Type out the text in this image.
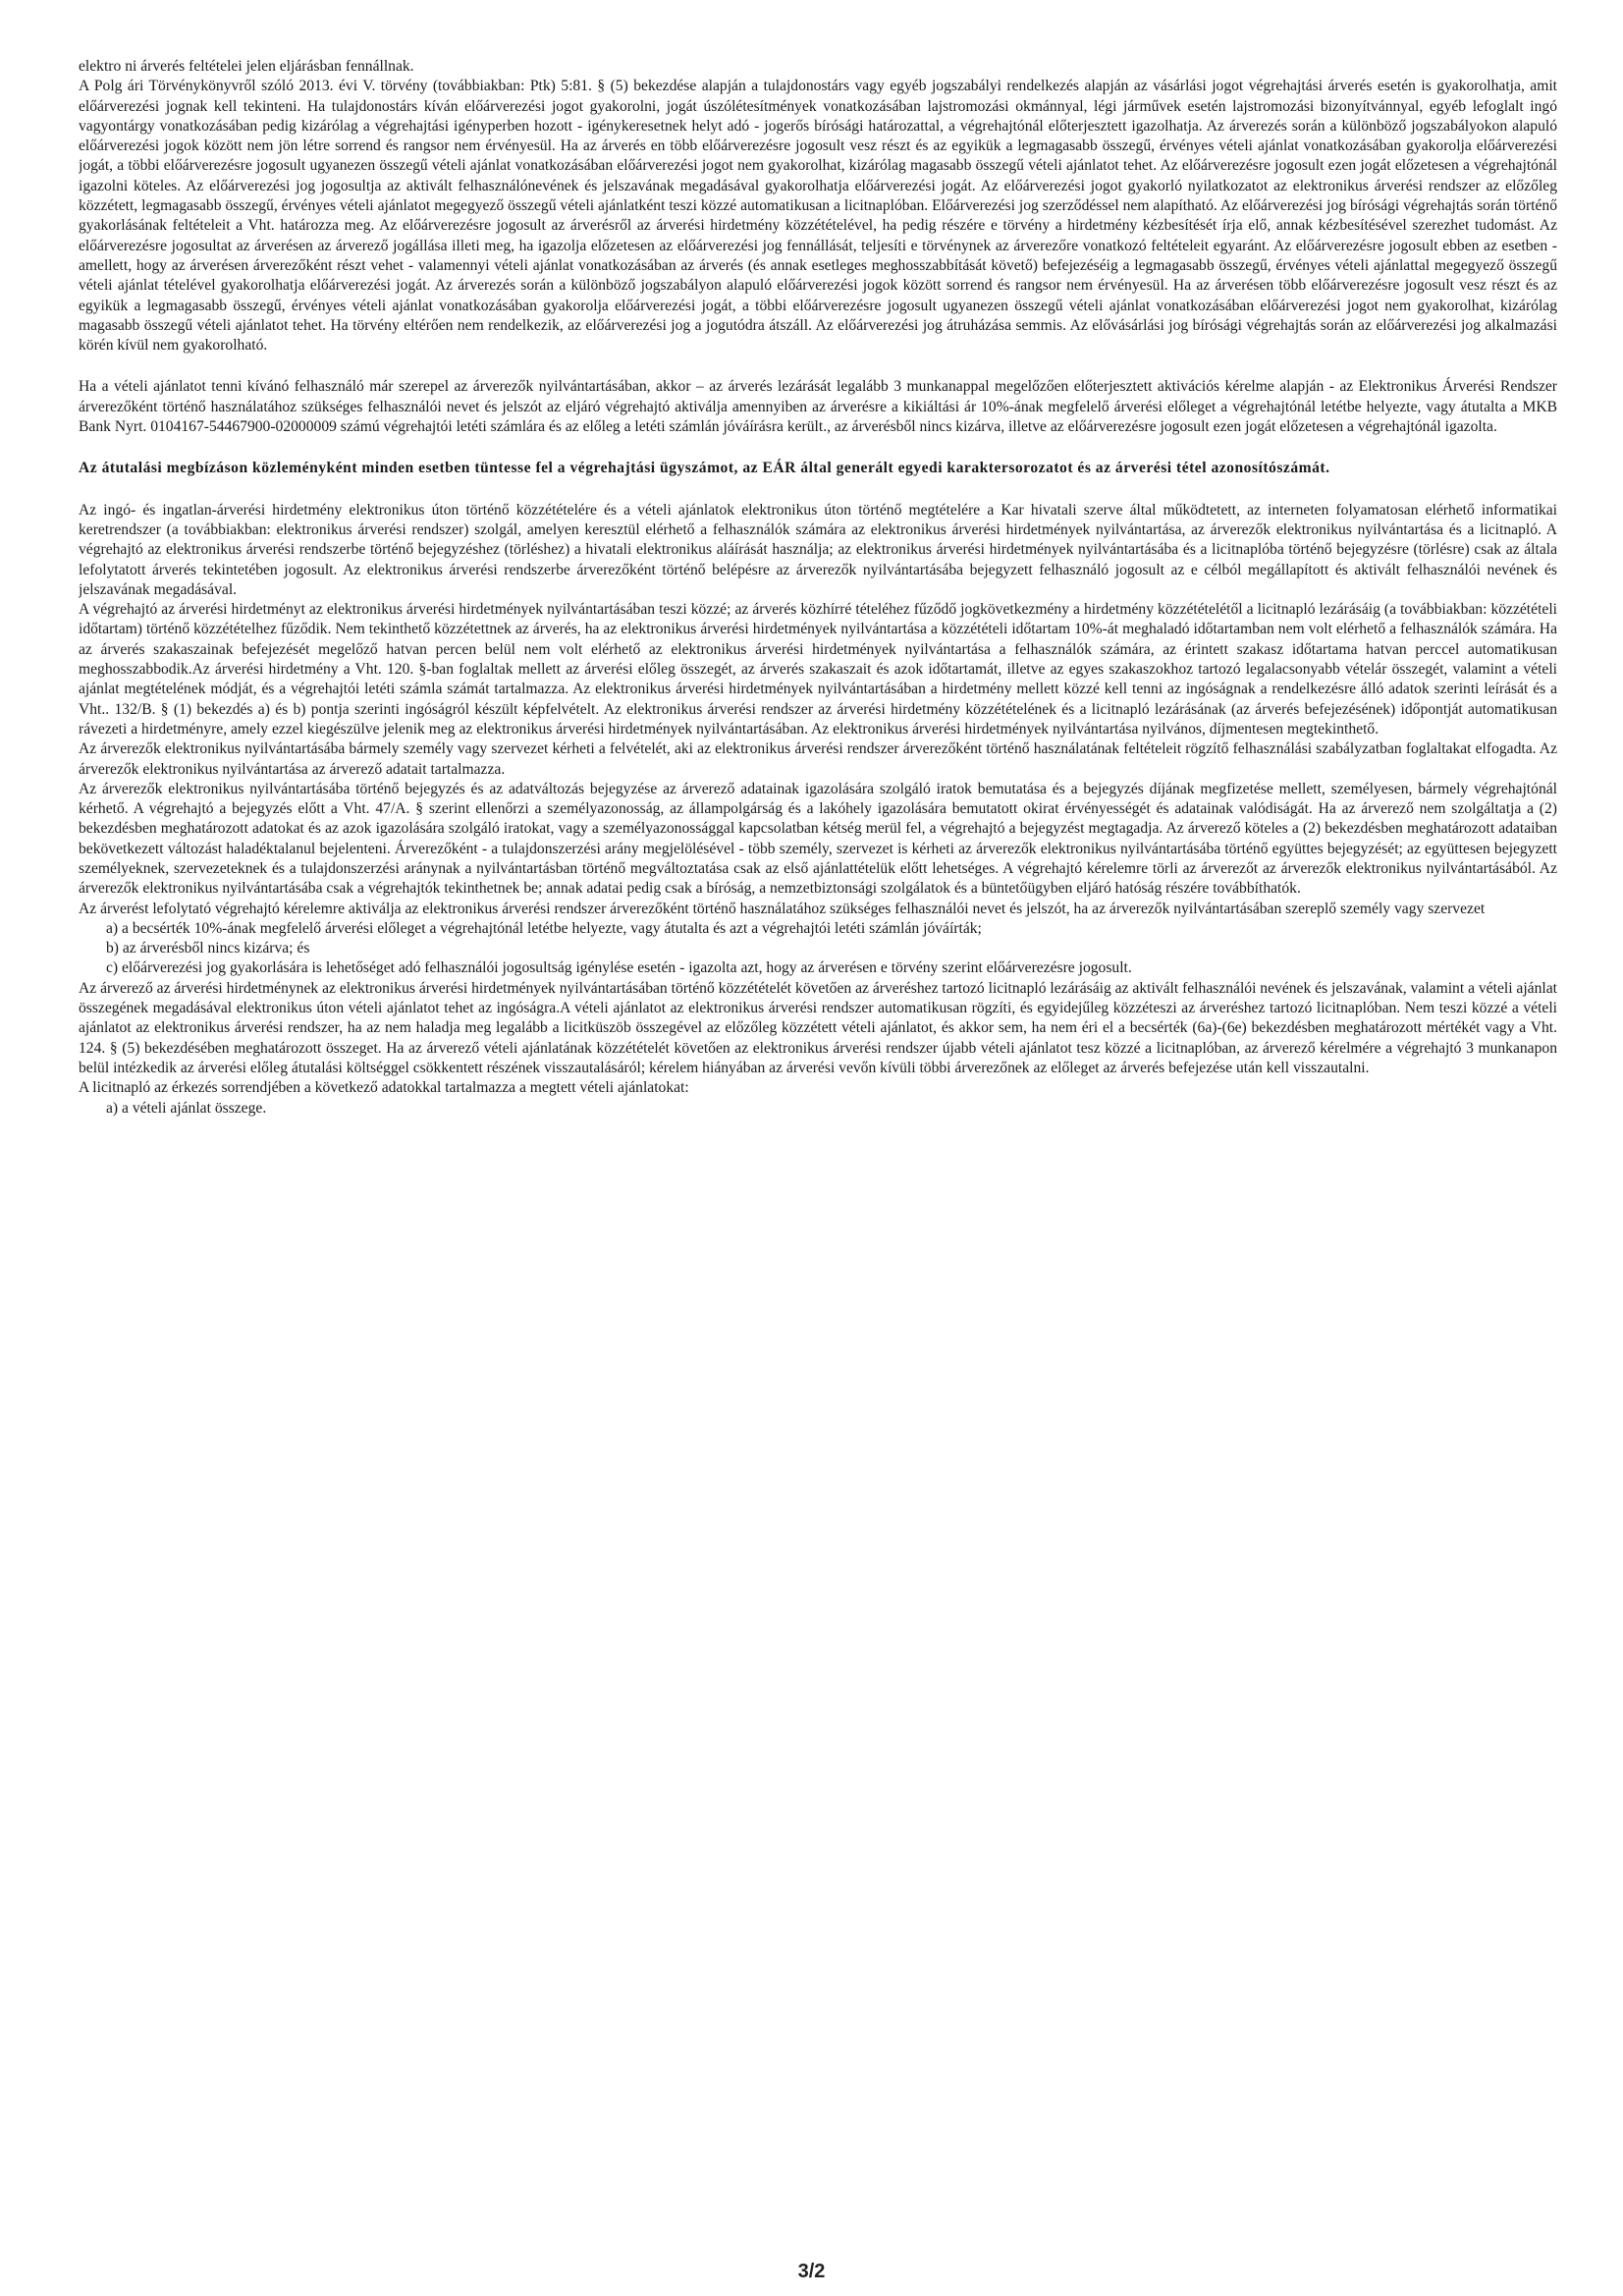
elektro ni árverés feltételei jelen eljárásban fennállnak.

A Polg ári Törvénykönyvről szóló 2013. évi V. törvény (továbbiakban: Ptk) 5:81. § (5) bekezdése alapján a tulajdonostárs vagy egyéb jogszabályi rendelkezés alapján az vásárlási jogot végrehajtási árverés esetén is gyakorolhatja, amit előárverezési jognak kell tekinteni. Ha tulajdonostárs kíván előárverezési jogot gyakorolni, jogát úszólétesítmények vonatkozásában lajstromozási okmánnyal, légi járművek esetén lajstromozási bizonyítvánnyal, egyéb lefoglalt ingó vagyontárgy vonatkozásában pedig kizárólag a végrehajtási igényperben hozott - igénykeresetnek helyt adó - jogerős bírósági határozattal, a végrehajtónál előterjesztett igazolhatja. Az árverezés során a különböző jogszabályokon alapuló előárverezési jogok között nem jön létre sorrend és rangsor nem érvényesül. Ha az árverés en több előárverezésre jogosult vesz részt és az egyikük a legmagasabb összegű, érvényes vételi ajánlat vonatkozásában gyakorolja előárverezési jogát, a többi előárverezésre jogosult ugyanezen összegű vételi ajánlat vonatkozásában előárverezési jogot nem gyakorolhat, kizárólag magasabb összegű vételi ajánlatot tehet. Az előárverezésre jogosult ezen jogát előzetesen a végrehajtónál igazolni köteles. Az előárverezési jog jogosultja az aktivált felhasználónevének és jelszavának megadásával gyakorolhatja előárverezési jogát. Az előárverezési jogot gyakorló nyilatkozatot az elektronikus árverési rendszer az előzőleg közzétett, legmagasabb összegű, érvényes vételi ajánlatot megegyező összegű vételi ajánlatként teszi közzé automatikusan a licitnaplóban. Előárverezési jog szerződéssel nem alapítható. Az előárverezési jog bírósági végrehajtás során történő gyakorlásának feltételeit a Vht. határozza meg. Az előárverezésre jogosult az árverésről az árverési hirdetmény közzétételével, ha pedig részére e törvény a hirdetmény kézbesítését írja elő, annak kézbesítésével szerezhet tudomást. Az előárverezésre jogosultat az árverésen az árverező jogállása illeti meg, ha igazolja előzetesen az előárverezési jog fennállását, teljesíti e törvénynek az árverezőre vonatkozó feltételeit egyaránt. Az előárverezésre jogosult ebben az esetben - amellett, hogy az árverésen árverezőként részt vehet - valamennyi vételi ajánlat vonatkozásában az árverés (és annak esetleges meghosszabbítását követő) befejezéséig a legmagasabb összegű, érvényes vételi ajánlattal megegyező összegű vételi ajánlat tételével gyakorolhatja előárverezési jogát. Az árverezés során a különböző jogszabályon alapuló előárverezési jogok között sorrend és rangsor nem érvényesül. Ha az árverésen több előárverezésre jogosult vesz részt és az egyikük a legmagasabb összegű, érvényes vételi ajánlat vonatkozásában gyakorolja előárverezési jogát, a többi előárverezésre jogosult ugyanezen összegű vételi ajánlat vonatkozásában előárverezési jogot nem gyakorolhat, kizárólag magasabb összegű vételi ajánlatot tehet. Ha törvény eltérően nem rendelkezik, az előárverezési jog a jogutódra átszáll. Az előárverezési jog átruházása semmis. Az elővásárlási jog bírósági végrehajtás során az előárverezési jog alkalmazási körén kívül nem gyakorolható.

Ha a vételi ajánlatot tenni kívánó felhasználó már szerepel az árverezők nyilvántartásában, akkor – az árverés lezárását legalább 3 munkanappal megelőzően előterjesztett aktivációs kérelme alapján - az Elektronikus Árverési Rendszer árverezőként történő használatához szükséges felhasználói nevet és jelszót az eljáró végrehajtó aktiválja amennyiben az árverésre a kikiáltási ár 10%-ának megfelelő árverési előleget a végrehajtónál letétbe helyezte, vagy átutalta a MKB Bank Nyrt. 0104167-54467900-02000009 számú végrehajtói letéti számlára és az előleg a letéti számlán jóváírásra került., az árverésből nincs kizárva, illetve az előárverezésre jogosult ezen jogát előzetesen a végrehajtónál igazolta.

Az átutalási megbízáson közleményként minden esetben tüntesse fel a végrehajtási ügyszámot, az EÁR által generált egyedi karaktersorozatot és az árverési tétel azonosítószámát.

Az ingó- és ingatlan-árverési hirdetmény elektronikus úton történő közzétételére és a vételi ajánlatok elektronikus úton történő megtételére a Kar hivatali szerve által működtetett, az interneten folyamatosan elérhető informatikai keretrendszer (a továbbiakban: elektronikus árverési rendszer) szolgál, amelyen keresztül elérhető a felhasználók számára az elektronikus árverési hirdetmények nyilvántartása, az árverezők elektronikus nyilvántartása és a licitnapló. A végrehajtó az elektronikus árverési rendszerbe történő bejegyzéshez (törléshez) a hivatali elektronikus aláírását használja; az elektronikus árverési hirdetmények nyilvántartásába és a licitnaplóba történő bejegyzésre (törlésre) csak az általa lefolytatott árverés tekintetében jogosult. Az elektronikus árverési rendszerbe árverezőként történő belépésre az árverezők nyilvántartásába bejegyzett felhasználó jogosult az e célból megállapított és aktivált felhasználói nevének és jelszavának megadásával.

A végrehajtó az árverési hirdetményt az elektronikus árverési hirdetmények nyilvántartásában teszi közzé; az árverés közhírré tételéhez fűződő jogkövetkezmény a hirdetmény közzétételétől a licitnapló lezárásáig (a továbbiakban: közzétételi időtartam) történő közzétételhez fűződik. Nem tekinthető közzétettnek az árverés, ha az elektronikus árverési hirdetmények nyilvántartása a közzétételi időtartam 10%-át meghaladó időtartamban nem volt elérhető a felhasználók számára. Ha az árverés szakaszainak befejezését megelőző hatvan percen belül nem volt elérhető az elektronikus árverési hirdetmények nyilvántartása a felhasználók számára, az érintett szakasz időtartama hatvan perccel automatikusan meghosszabbodik.Az árverési hirdetmény a Vht. 120. §-ban foglaltak mellett az árverési előleg összegét, az árverés szakaszait és azok időtartamát, illetve az egyes szakaszokhoz tartozó legalacsonyabb vételár összegét, valamint a vételi ajánlat megtételének módját, és a végrehajtói letéti számla számát tartalmazza. Az elektronikus árverési hirdetmények nyilvántartásában a hirdetmény mellett közzé kell tenni az ingóságnak a rendelkezésre álló adatok szerinti leírását és a Vht.. 132/B. § (1) bekezdés a) és b) pontja szerinti ingóságról készült képfelvételt. Az elektronikus árverési rendszer az árverési hirdetmény közzétételének és a licitnapló lezárásának (az árverés befejezésének) időpontját automatikusan rávezeti a hirdetményre, amely ezzel kiegészülve jelenik meg az elektronikus árverési hirdetmények nyilvántartásában. Az elektronikus árverési hirdetmények nyilvántartása nyilvános, díjmentesen megtekinthető.

Az árverezők elektronikus nyilvántartásába bármely személy vagy szervezet kérheti a felvételét, aki az elektronikus árverési rendszer árverezőként történő használatának feltételeit rögzítő felhasználási szabályzatban foglaltakat elfogadta. Az árverezők elektronikus nyilvántartása az árverező adatait tartalmazza.

Az árverezők elektronikus nyilvántartásába történő bejegyzés és az adatváltozás bejegyzése az árverező adatainak igazolására szolgáló iratok bemutatása és a bejegyzés díjának megfizetése mellett, személyesen, bármely végrehajtónál kérhető. A végrehajtó a bejegyzés előtt a Vht. 47/A. § szerint ellenőrzi a személyazonosság, az állampolgárság és a lakóhely igazolására bemutatott okirat érvényességét és adatainak valódiságát. Ha az árverező nem szolgáltatja a (2) bekezdésben meghatározott adatokat és az azok igazolására szolgáló iratokat, vagy a személyazonossággal kapcsolatban kétség merül fel, a végrehajtó a bejegyzést megtagadja. Az árverező köteles a (2) bekezdésben meghatározott adataiban bekövetkezett változást haladéktalanul bejelenteni. Árverezőként - a tulajdonszerzési arány megjelölésével - több személy, szervezet is kérheti az árverezők elektronikus nyilvántartásába történő együttes bejegyzését; az együttesen bejegyzett személyeknek, szervezeteknek és a tulajdonszerzési aránynak a nyilvántartásban történő megváltoztatása csak az első ajánlattételük előtt lehetséges. A végrehajtó kérelemre törli az árverezőt az árverezők elektronikus nyilvántartásából. Az árverezők elektronikus nyilvántartásába csak a végrehajtók tekinthetnek be; annak adatai pedig csak a bíróság, a nemzetbiztonsági szolgálatok és a büntetőügyben eljáró hatóság részére továbbíthatók.

Az árverést lefolytató végrehajtó kérelemre aktiválja az elektronikus árverési rendszer árverezőként történő használatához szükséges felhasználói nevet és jelszót, ha az árverezők nyilvántartásában szereplő személy vagy szervezet

a) a becsérték 10%-ának megfelelő árverési előleget a végrehajtónál letétbe helyezte, vagy átutalta és azt a végrehajtói letéti számlán jóváírták;

b) az árverésből nincs kizárva; és

c) előárverezési jog gyakorlására is lehetőséget adó felhasználói jogosultság igénylése esetén - igazolta azt, hogy az árverésen e törvény szerint előárverezésre jogosult.

Az árverező az árverési hirdetménynek az elektronikus árverési hirdetmények nyilvántartásában történő közzétételét követően az árveréshez tartozó licitnapló lezárásáig az aktivált felhasználói nevének és jelszavának, valamint a vételi ajánlat összegének megadásával elektronikus úton vételi ajánlatot tehet az ingóságra.A vételi ajánlatot az elektronikus árverési rendszer automatikusan rögzíti, és egyidejűleg közzéteszi az árveréshez tartozó licitnaplóban. Nem teszi közzé a vételi ajánlatot az elektronikus árverési rendszer, ha az nem haladja meg legalább a licitküszöb összegével az előzőleg közzétett vételi ajánlatot, és akkor sem, ha nem éri el a becsérték (6a)-(6e) bekezdésben meghatározott mértékét vagy a Vht. 124. § (5) bekezdésében meghatározott összeget. Ha az árverező vételi ajánlatának közzétételét követően az elektronikus árverési rendszer újabb vételi ajánlatot tesz közzé a licitnaplóban, az árverező kérelmére a végrehajtó 3 munkanapon belül intézkedik az árverési előleg átutalási költséggel csökkentett részének visszautalásáról; kérelem hiányában az árverési vevőn kívüli többi árverezőnek az előleget az árverés befejezése után kell visszautalni.

A licitnapló az érkezés sorrendjében a következő adatokkal tartalmazza a megtett vételi ajánlatokat:

a) a vételi ajánlat összege.

3/2
